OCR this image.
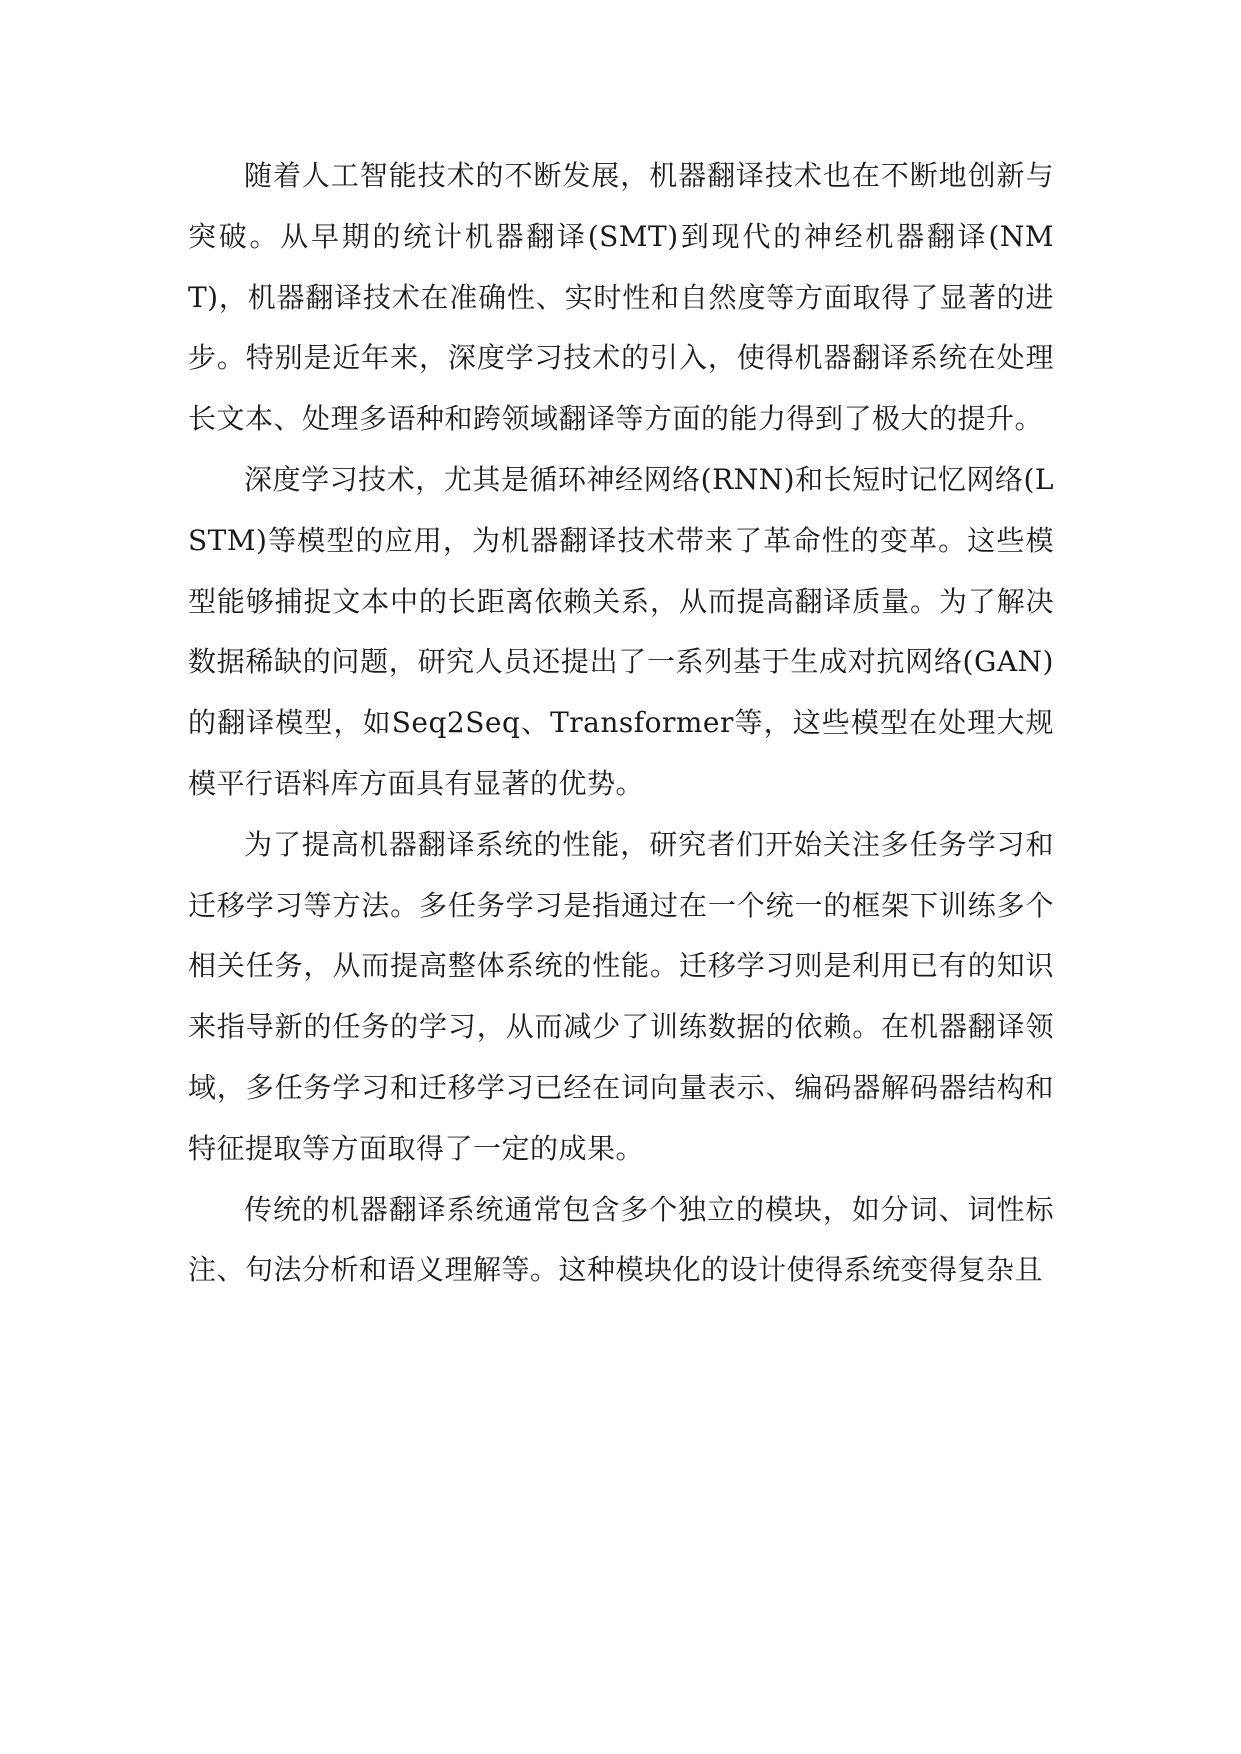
随着人工智能技术的不断发展，机器翻译技术也在不断地创新与突破。从早期的统计机器翻译(SMT)到现代的神经机器翻译(NMT)，机器翻译技术在准确性、实时性和自然度等方面取得了显著的进步。特别是近年来，深度学习技术的引入，使得机器翻译系统在处理长文本、处理多语种和跨领域翻译等方面的能力得到了极大的提升。

深度学习技术，尤其是循环神经网络(RNN)和长短时记忆网络(LSTM)等模型的应用，为机器翻译技术带来了革命性的变革。这些模型能够捕捉文本中的长距离依赖关系，从而提高翻译质量。为了解决数据稀缺的问题，研究人员还提出了一系列基于生成对抗网络(GAN)的翻译模型，如Seq2Seq、Transformer等，这些模型在处理大规模平行语料库方面具有显著的优势。

为了提高机器翻译系统的性能，研究者们开始关注多任务学习和迁移学习等方法。多任务学习是指通过在一个统一的框架下训练多个相关任务，从而提高整体系统的性能。迁移学习则是利用已有的知识来指导新的任务的学习，从而减少了训练数据的依赖。在机器翻译领域，多任务学习和迁移学习已经在词向量表示、编码器解码器结构和特征提取等方面取得了一定的成果。

传统的机器翻译系统通常包含多个独立的模块，如分词、词性标注、句法分析和语义理解等。这种模块化的设计使得系统变得复杂且
